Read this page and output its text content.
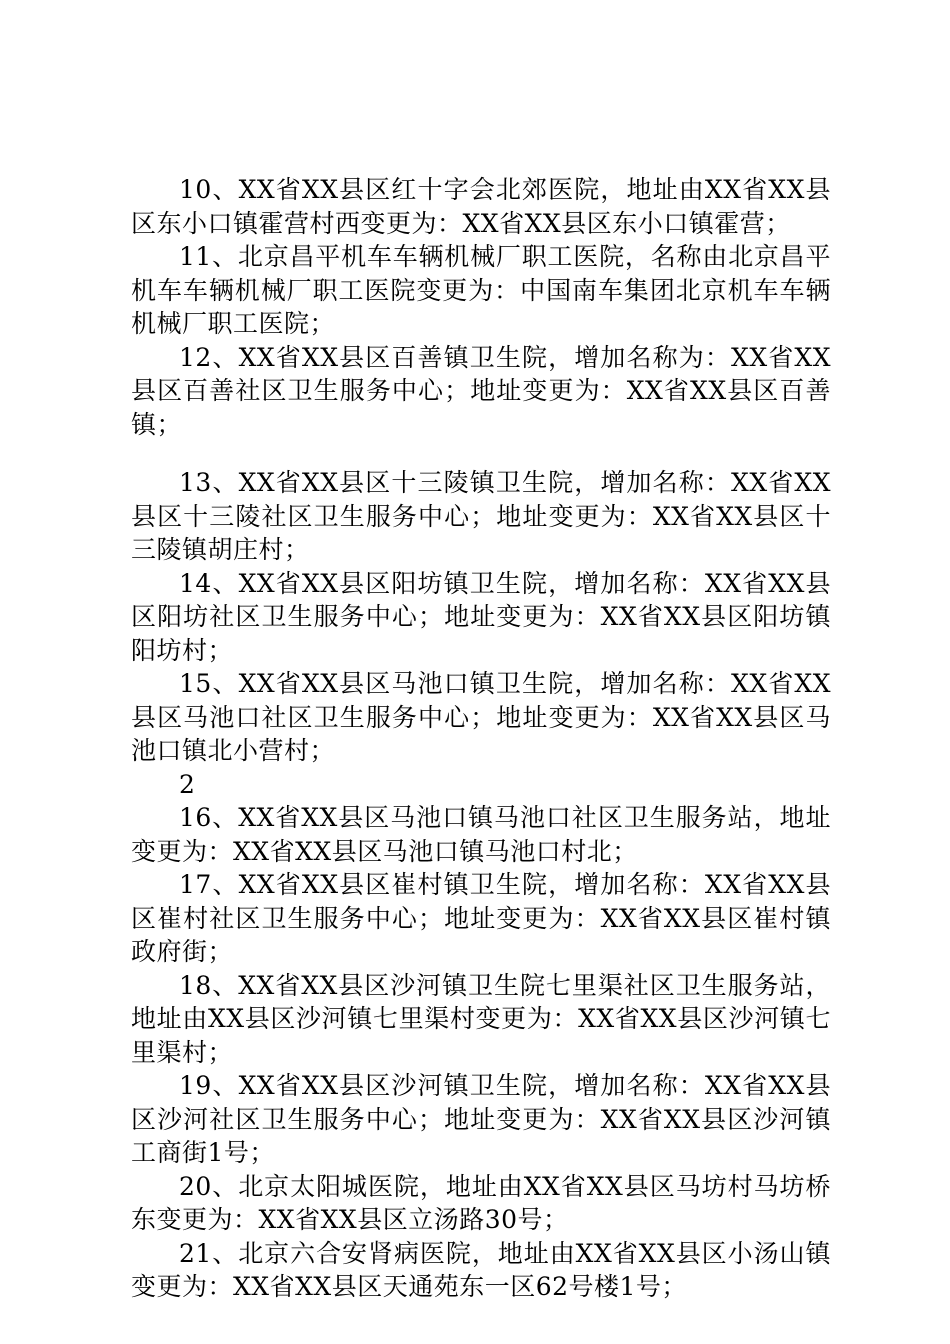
10、XX省XX县区红十字会北郊医院，地址由XX省XX县区东小口镇霍营村西变更为：XX省XX县区东小口镇霍营；

11、北京昌平机车车辆机械厂职工医院，名称由北京昌平机车车辆机械厂职工医院变更为：中国南车集团北京机车车辆机械厂职工医院；

12、XX省XX县区百善镇卫生院，增加名称为：XX省XX县区百善社区卫生服务中心；地址变更为：XX省XX县区百善镇；

13、XX省XX县区十三陵镇卫生院，增加名称：XX省XX县区十三陵社区卫生服务中心；地址变更为：XX省XX县区十三陵镇胡庄村；

14、XX省XX县区阳坊镇卫生院，增加名称：XX省XX县区阳坊社区卫生服务中心；地址变更为：XX省XX县区阳坊镇阳坊村；

15、XX省XX县区马池口镇卫生院，增加名称：XX省XX县区马池口社区卫生服务中心；地址变更为：XX省XX县区马池口镇北小营村；

2

16、XX省XX县区马池口镇马池口社区卫生服务站，地址变更为：XX省XX县区马池口镇马池口村北；

17、XX省XX县区崔村镇卫生院，增加名称：XX省XX县区崔村社区卫生服务中心；地址变更为：XX省XX县区崔村镇政府街；

18、XX省XX县区沙河镇卫生院七里渠社区卫生服务站，地址由XX县区沙河镇七里渠村变更为：XX省XX县区沙河镇七里渠村；

19、XX省XX县区沙河镇卫生院，增加名称：XX省XX县区沙河社区卫生服务中心；地址变更为：XX省XX县区沙河镇工商街1号；

20、北京太阳城医院，地址由XX省XX县区马坊村马坊桥东变更为：XX省XX县区立汤路30号；

21、北京六合安肾病医院，地址由XX省XX县区小汤山镇变更为：XX省XX县区天通苑东一区62号楼1号；
